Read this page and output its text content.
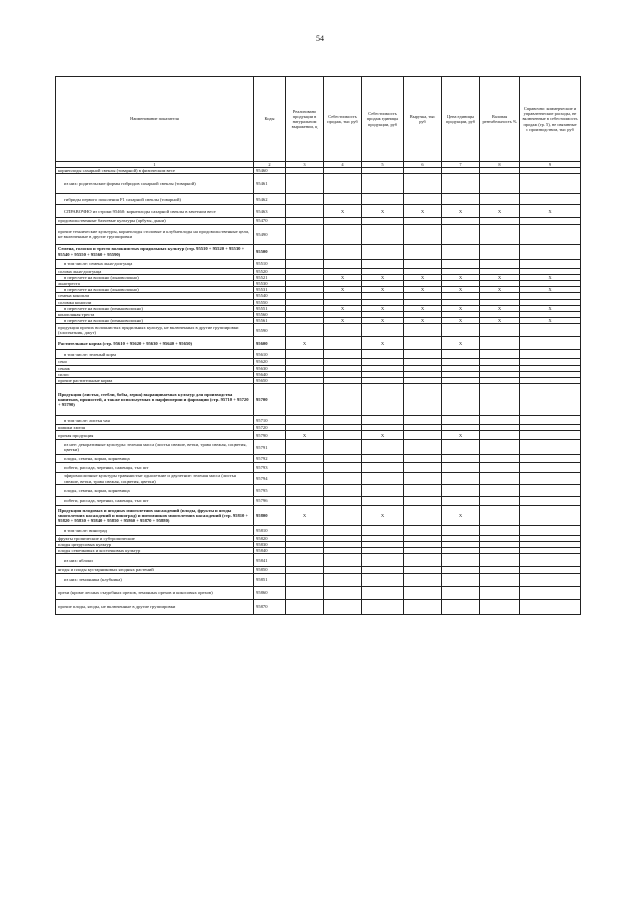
54
Наименование показателя	Коды	Реализовано продукции в натуральном выражении, ц	Себестоимость продаж, тыс руб	Себестоимость продаж единицы продукции, руб	Выручка, тыс руб	Цена единицы продукции, руб	Валовая рентабельность %	Справочно: коммерческие и управленческие расходы, не включенные в себестоимость продаж (гр. 5), не связанные с производством, тыс руб
1	2	3	4	5	6	7	8	9
корнеплоды сахарной свеклы (товарной) в физическом весе	95460							
из них: родительские формы гибридов сахарной свеклы (товарной)	95461							
гибриды первого поколения F1 сахарной свеклы (товарной)	95462							
СПРАВОЧНО из строки 95460: корнеплоды сахарной свеклы в зачетном весе	95463		X	X	X	X	X	X
продовольственные бахчевые культуры (арбузы, дыни)	95470							
прочие технические культуры, корнеплоды столовые и клубнеплоды на продовольственные цели, не включенные в другие группировки	95490							
Семена, голосно и тресто волокнистых прядильных культур (стр. 95510 + 95520 + 95530 + 95540 + 95550 + 95560 + 95590)	95500							
в том числе: семена льна-долгунца	95510							
солома льна-долгунца	95520							
в пересчете на волокно (льноволокно)	95521		X	X	X	X	X	X
льнотреста	95530							
в пересчете на волокно (льноволокно)	95531		X	X	X	X	X	X
семена конопли	95540							
соломка конопли	95550							
в пересчете на волокно (пеньковолокно)	95551		X	X	X	X	X	X
конопляная треста	95560							
в пересчете на волокно (пеньковолокно)	95561		X	X	X	X	X	X
продукция прочих волокнистых прядильных культур, не включенных в другие группировки (хлопчатник, джут)	95590							
Растительные корма (стр. 95610 + 95620 + 95630 + 95640 + 95650)	95600	X		X		X		
в том числе: зеленый корм	95610							
сено	95620							
сенаж	95630							
силос	95640							
прочие растительные корма	95650							
Продукция (листья, стебли, бобы, зерна) выращиваемых культур для производства напитков, пряностей, а также используемых в парфюмерии и фармации (стр. 95710 + 95720 + 95790)	95700							
в том числе: листья чая	95710							
шишки хмеля	95720							
прочая продукция	95790	X		X		X		
из нее: декоративные культуры: зеленая масса (листья свежие, ветки, трава свежая, соцветия, цветки)	95791							
плоды, семена, корни, корневища	95792							
побеги, рассада, черенки, саженцы, тыс шт	95793							
эфиромасличные культуры травянистые однолетние и двулетние: зеленая масса (листья свежие, ветки, трава свежая, соцветия, цветки)	95794							
плоды, семена, корни, корневища	95795							
побеги, рассада, черенки, саженцы, тыс шт	95796							
Продукция плодовых и ягодных многолетних насаждений (плоды, фрукты и ягоды многолетних насаждений и виноград) и питомников многолетних насаждений (стр. 95810 + 95820 + 95830 + 95840 + 95850 + 95860 + 95870 + 95880)	95800	X		X		X		
в том числе: виноград	95810							
фрукты тропические и субтропические	95820							
плоды цитрусовых культур	95830							
плоды семечковых и косточковых культур	95840							
из них: яблоки	95841							
ягоды и плоды кустарниковых ягодных растений	95850							
из них: земляника (клубника)	95851							
орехи (кроме лесных съедобных орехов, земляных орехов и кокосовых орехов)	95860							
прочие плоды, ягоды, не включенные в другие группировки	95870							
